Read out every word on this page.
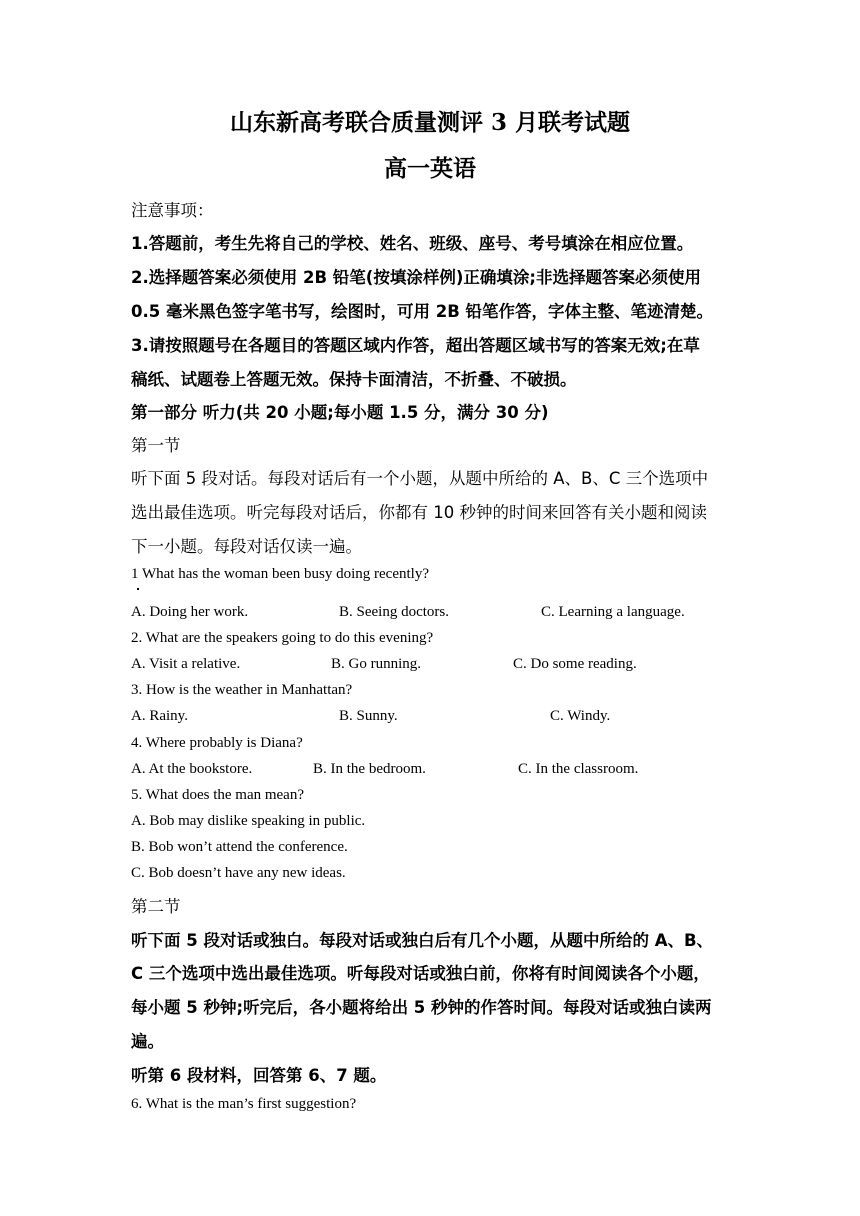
山东新高考联合质量测评 3 月联考试题
高一英语

注意事项：

1.答题前，考生先将自己的学校、姓名、班级、座号、考号填涂在相应位置。

2.选择题答案必须使用 2B 铅笔(按填涂样例)正确填涂;非选择题答案必须使用

0.5 毫米黑色签字笔书写，绘图时，可用 2B 铅笔作答，字体主整、笔迹清楚。

3.请按照题号在各题目的答题区域内作答，超出答题区域书写的答案无效;在草

稿纸、试题卷上答题无效。保持卡面清洁，不折叠、不破损。

第一部分 听力(共 20 小题;每小题 1.5 分，满分 30 分)

第一节

听下面 5 段对话。每段对话后有一个小题，从题中所给的 A、B、C 三个选项中

选出最佳选项。听完每段对话后，你都有 10 秒钟的时间来回答有关小题和阅读

下一小题。每段对话仅读一遍。

1 What has the woman been busy doing recently?

A. Doing her work.	B. Seeing doctors.	C. Learning a language.

2. What are the speakers going to do this evening?

A. Visit a relative.	B. Go running.	C. Do some reading.

3. How is the weather in Manhattan?

A. Rainy.	B. Sunny.	C. Windy.

4. Where probably is Diana?

A. At the bookstore.	B. In the bedroom.	C. In the classroom.

5. What does the man mean?

A. Bob may dislike speaking in public.

B. Bob won’t attend the conference.

C. Bob doesn’t have any new ideas.

第二节

听下面 5 段对话或独白。每段对话或独白后有几个小题，从题中所给的 A、B、

C 三个选项中选出最佳选项。听每段对话或独白前，你将有时间阅读各个小题，

每小题 5 秒钟;听完后，各小题将给出 5 秒钟的作答时间。每段对话或独白读两

遍。

听第 6 段材料，回答第 6、7 题。

6. What is the man’s first suggestion?
